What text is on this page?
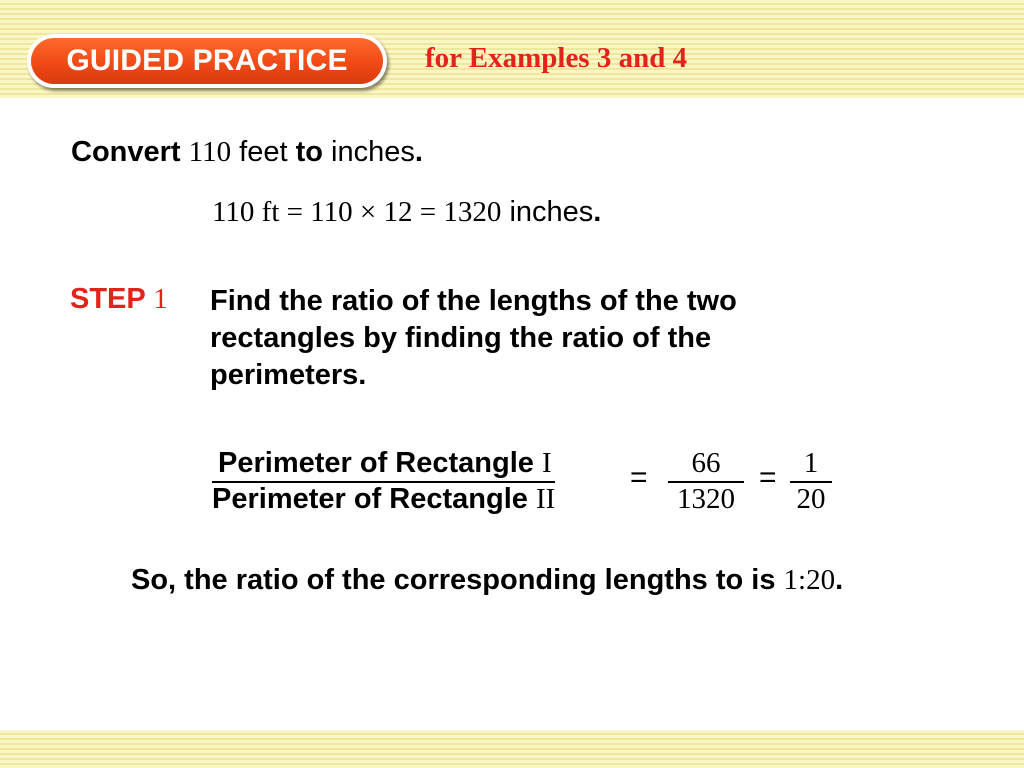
GUIDED PRACTICE	for Examples 3 and 4
Convert 110 feet to inches.
110 ft = 110 × 12 = 1320 inches.
STEP 1 Find the ratio of the lengths of the two rectangles by finding the ratio of the perimeters.
Perimeter of Rectangle I
Perimeter of Rectangle II
= $\frac{66}{1320} = \frac{1}{20}$
So, the ratio of the corresponding lengths to is 1:20.
